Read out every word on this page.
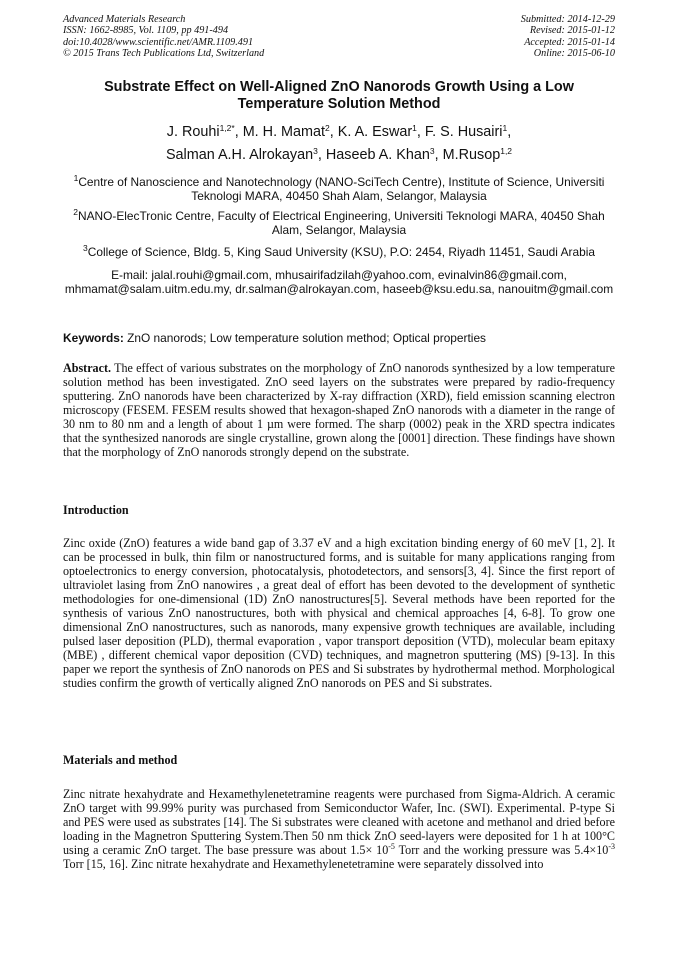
Advanced Materials Research
ISSN: 1662-8985, Vol. 1109, pp 491-494
doi:10.4028/www.scientific.net/AMR.1109.491
© 2015 Trans Tech Publications Ltd, Switzerland
Submitted: 2014-12-29
Revised: 2015-01-12
Accepted: 2015-01-14
Online: 2015-06-10
Substrate Effect on Well-Aligned ZnO Nanorods Growth Using a Low Temperature Solution Method
J. Rouhi$^{1,2*}$, M. H. Mamat$^2$, K. A. Eswar$^1$, F. S. Husairi$^1$,
Salman A.H. Alrokayan$^3$, Haseeb A. Khan$^3$, M.Rusop$^{1,2}$
$^1$Centre of Nanoscience and Nanotechnology (NANO-SciTech Centre), Institute of Science, Universiti Teknologi MARA, 40450 Shah Alam, Selangor, Malaysia
$^2$NANO-ElecTronic Centre, Faculty of Electrical Engineering, Universiti Teknologi MARA, 40450 Shah Alam, Selangor, Malaysia
$^3$College of Science, Bldg. 5, King Saud University (KSU), P.O: 2454, Riyadh 11451, Saudi Arabia
E-mail: jalal.rouhi@gmail.com, mhusairifadzilah@yahoo.com, evinalvin86@gmail.com, mhmamat@salam.uitm.edu.my, dr.salman@alrokayan.com, haseeb@ksu.edu.sa, nanouitm@gmail.com
Keywords: ZnO nanorods; Low temperature solution method; Optical properties
Abstract. The effect of various substrates on the morphology of ZnO nanorods synthesized by a low temperature solution method has been investigated. ZnO seed layers on the substrates were prepared by radio-frequency sputtering. ZnO nanorods have been characterized by X-ray diffraction (XRD), field emission scanning electron microscopy (FESEM. FESEM results showed that hexagon-shaped ZnO nanorods with a diameter in the range of 30 nm to 80 nm and a length of about 1 µm were formed. The sharp (0002) peak in the XRD spectra indicates that the synthesized nanorods are single crystalline, grown along the [0001] direction. These findings have shown that the morphology of ZnO nanorods strongly depend on the substrate.
Introduction
Zinc oxide (ZnO) features a wide band gap of 3.37 eV and a high excitation binding energy of 60 meV [1, 2]. It can be processed in bulk, thin film or nanostructured forms, and is suitable for many applications ranging from optoelectronics to energy conversion, photocatalysis, photodetectors, and sensors[3, 4]. Since the first report of ultraviolet lasing from ZnO nanowires , a great deal of effort has been devoted to the development of synthetic methodologies for one-dimensional (1D) ZnO nanostructures[5]. Several methods have been reported for the synthesis of various ZnO nanostructures, both with physical and chemical approaches [4, 6-8]. To grow one dimensional ZnO nanostructures, such as nanorods, many expensive growth techniques are available, including pulsed laser deposition (PLD), thermal evaporation , vapor transport deposition (VTD), molecular beam epitaxy (MBE) , different chemical vapor deposition (CVD) techniques, and magnetron sputtering (MS) [9-13]. In this paper we report the synthesis of ZnO nanorods on PES and Si substrates by hydrothermal method. Morphological studies confirm the growth of vertically aligned ZnO nanorods on PES and Si substrates.
Materials and method
Zinc nitrate hexahydrate and Hexamethylenetetramine reagents were purchased from Sigma-Aldrich. A ceramic ZnO target with 99.99% purity was purchased from Semiconductor Wafer, Inc. (SWI). Experimental. P-type Si and PES were used as substrates [14]. The Si substrates were cleaned with acetone and methanol and dried before loading in the Magnetron Sputtering System.Then 50 nm thick ZnO seed-layers were deposited for 1 h at 100°C using a ceramic ZnO target. The base pressure was about $1.5\times 10^{-5}$ Torr and the working pressure was $5.4\times 10^{-3}$ Torr [15, 16]. Zinc nitrate hexahydrate and Hexamethylenetetramine were separately dissolved into
